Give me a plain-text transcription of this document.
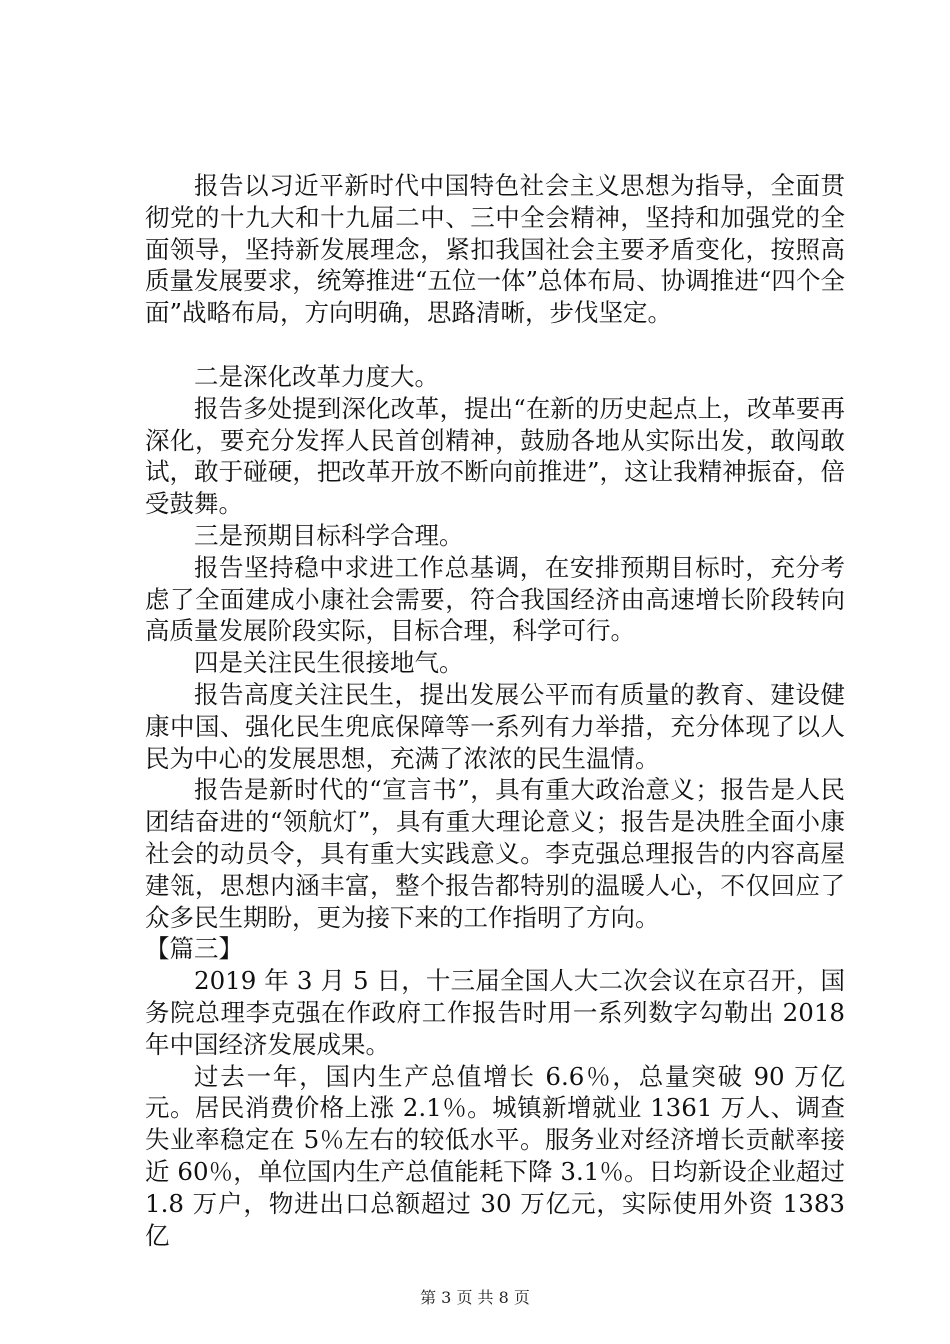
报告以习近平新时代中国特色社会主义思想为指导，全面贯彻党的十九大和十九届二中、三中全会精神，坚持和加强党的全面领导，坚持新发展理念，紧扣我国社会主要矛盾变化，按照高质量发展要求，统筹推进“五位一体”总体布局、协调推进“四个全面”战略布局，方向明确，思路清晰，步伐坚定。

二是深化改革力度大。

报告多处提到深化改革，提出“在新的历史起点上，改革要再深化，要充分发挥人民首创精神，鼓励各地从实际出发，敢闯敢试，敢于碰硬，把改革开放不断向前推进”，这让我精神振奋，倍受鼓舞。

三是预期目标科学合理。

报告坚持稳中求进工作总基调，在安排预期目标时，充分考虑了全面建成小康社会需要，符合我国经济由高速增长阶段转向高质量发展阶段实际，目标合理，科学可行。

四是关注民生很接地气。

报告高度关注民生，提出发展公平而有质量的教育、建设健康中国、强化民生兜底保障等一系列有力举措，充分体现了以人民为中心的发展思想，充满了浓浓的民生温情。

报告是新时代的“宣言书”，具有重大政治意义；报告是人民团结奋进的“领航灯”，具有重大理论意义；报告是决胜全面小康社会的动员令，具有重大实践意义。李克强总理报告的内容高屋建瓴，思想内涵丰富，整个报告都特别的温暖人心，不仅回应了众多民生期盼，更为接下来的工作指明了方向。

【篇三】

2019 年 3 月 5 日，十三届全国人大二次会议在京召开，国务院总理李克强在作政府工作报告时用一系列数字勾勒出 2018 年中国经济发展成果。

过去一年，国内生产总值增长 6.6％，总量突破 90 万亿元。居民消费价格上涨 2.1％。城镇新增就业 1361 万人、调查失业率稳定在 5％左右的较低水平。服务业对经济增长贡献率接近 60％，单位国内生产总值能耗下降 3.1％。日均新设企业超过 1.8 万户，物进出口总额超过 30 万亿元，实际使用外资 1383 亿

第 3 页 共 8 页
